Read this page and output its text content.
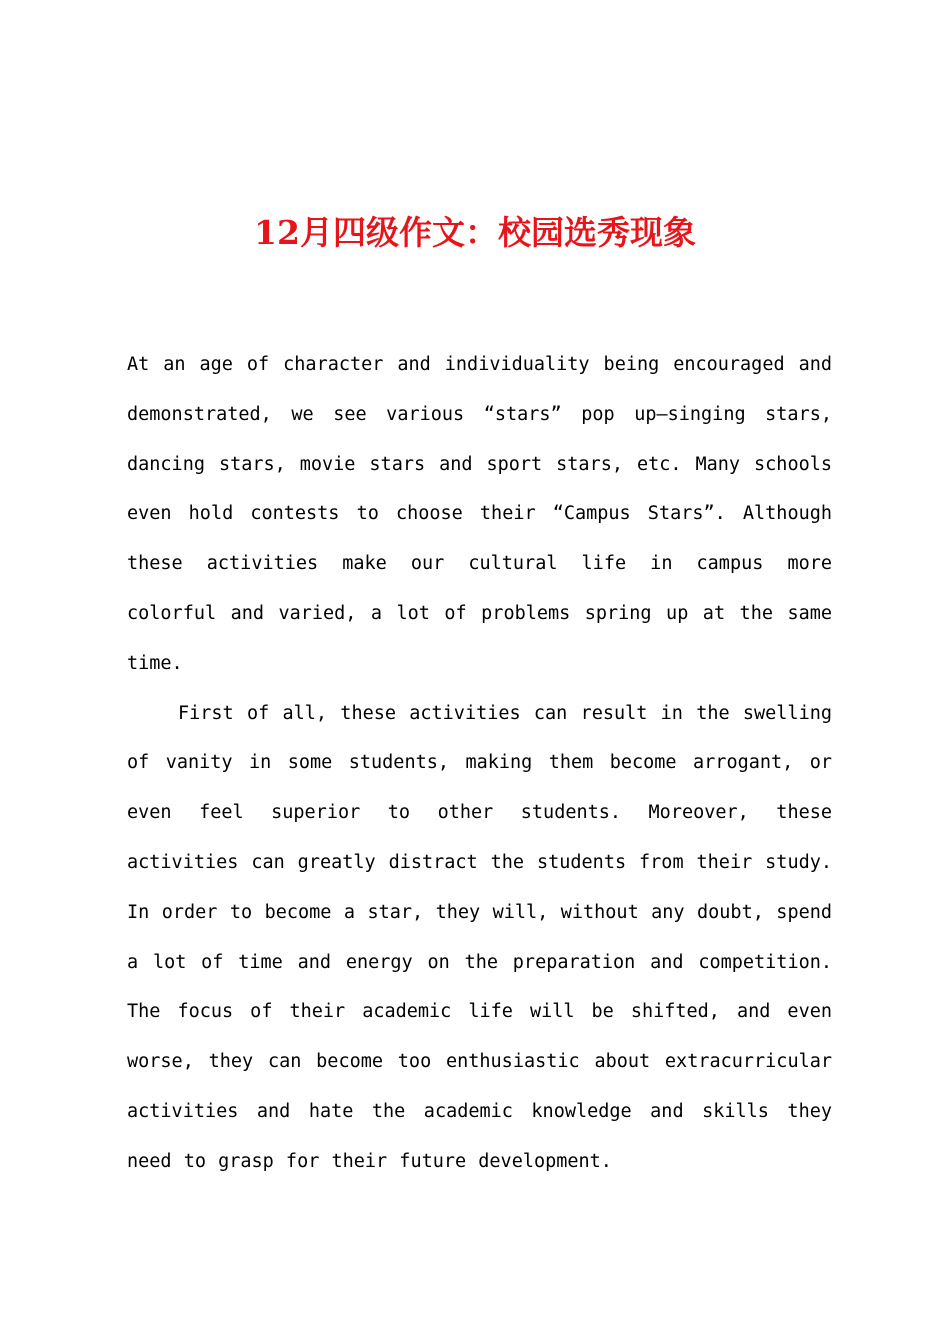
12月四级作文：校园选秀现象

At an age of character and individuality being encouraged and demonstrated, we see various “stars” pop up—singing stars, dancing stars, movie stars and sport stars, etc. Many schools even hold contests to choose their “Campus Stars”. Although these activities make our cultural life in campus more colorful and varied, a lot of problems spring up at the same time.

First of all, these activities can result in the swelling of vanity in some students, making them become arrogant, or even feel superior to other students. Moreover, these activities can greatly distract the students from their study. In order to become a star, they will, without any doubt, spend a lot of time and energy on the preparation and competition. The focus of their academic life will be shifted, and even worse, they can become too enthusiastic about extracurricular activities and hate the academic knowledge and skills they need to grasp for their future development.
